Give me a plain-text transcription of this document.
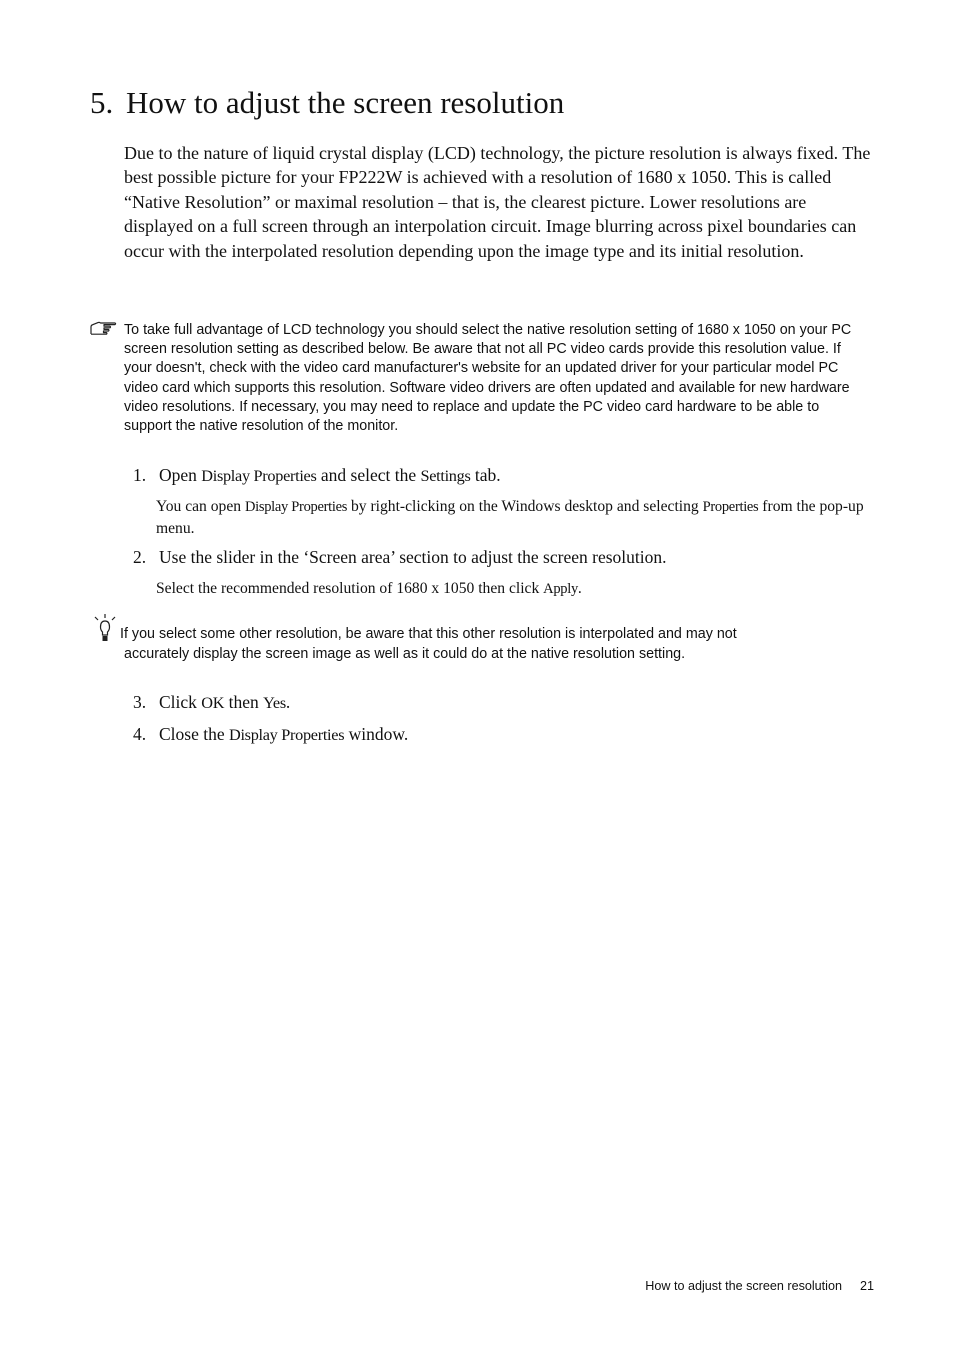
5. How to adjust the screen resolution

Due to the nature of liquid crystal display (LCD) technology, the picture resolution is always fixed. The best possible picture for your FP222W is achieved with a resolution of 1680 x 1050. This is called “Native Resolution” or maximal resolution – that is, the clearest picture. Lower resolutions are displayed on a full screen through an interpolation circuit. Image blurring across pixel boundaries can occur with the interpolated resolution depending upon the image type and its initial resolution.

To take full advantage of LCD technology you should select the native resolution setting of 1680 x 1050 on your PC screen resolution setting as described below. Be aware that not all PC video cards provide this resolution value. If your doesn't, check with the video card manufacturer's website for an updated driver for your particular model PC video card which supports this resolution. Software video drivers are often updated and available for new hardware video resolutions. If necessary, you may need to replace and update the PC video card hardware to be able to support the native resolution of the monitor.

1. Open Display Properties and select the Settings tab.

You can open Display Properties by right-clicking on the Windows desktop and selecting Properties from the pop-up menu.

2. Use the slider in the ‘Screen area’ section to adjust the screen resolution.

Select the recommended resolution of 1680 x 1050 then click Apply.

If you select some other resolution, be aware that this other resolution is interpolated and may not
accurately display the screen image as well as it could do at the native resolution setting.

3. Click OK then Yes.
4. Close the Display Properties window.
How to adjust the screen resolution 21
